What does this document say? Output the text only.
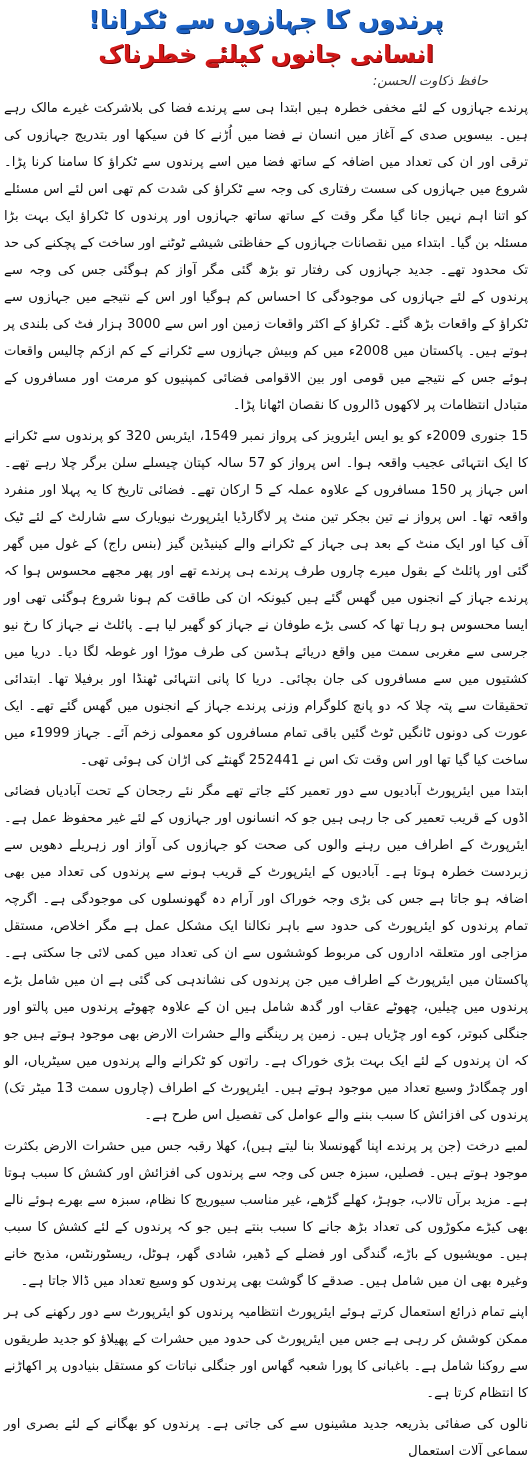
پرندوں کا جہازوں سے ٹکرانا!
انسانی جانوں کیلئے خطرناک
حافظ ذکاوت الحسن:

پرندے جہازوں کے لئے مخفی خطرہ ہیں ابتدا ہی سے پرندے فضا کی بلاشرکت غیرے مالک رہے ہیں۔ بیسویں صدی کے آغاز میں انسان نے فضا میں اُڑنے کا فن سیکھا اور بتدریج جہازوں کی ترقی اور ان کی تعداد میں اضافہ کے ساتھ فضا میں اسے پرندوں سے ٹکراؤ کا سامنا کرنا پڑا۔ شروع میں جہازوں کی سست رفتاری کی وجہ سے ٹکراؤ کی شدت کم تھی اس لئے اس مسئلے کو اتنا اہم نہیں جانا گیا مگر وقت کے ساتھ ساتھ جہازوں اور پرندوں کا ٹکراؤ ایک بہت بڑا مسئلہ بن گیا۔ ابتداء میں نقصانات جہازوں کے حفاظتی شیشے ٹوٹنے اور ساخت کے پچکنے کی حد تک محدود تھے۔ جدید جہازوں کی رفتار تو بڑھ گئی مگر آواز کم ہوگئی جس کی وجہ سے پرندوں کے لئے جہازوں کی موجودگی کا احساس کم ہوگیا اور اس کے نتیجے میں جہازوں سے ٹکراؤ کے واقعات بڑھ گئے۔ ٹکراؤ کے اکثر واقعات زمین اور اس سے 3000 ہزار فٹ کی بلندی پر ہوتے ہیں۔ پاکستان میں 2008ء میں کم وبیش جہازوں سے ٹکرانے کے کم ازکم چالیس واقعات ہوئے جس کے نتیجے میں قومی اور بین الاقوامی فضائی کمپنیوں کو مرمت اور مسافروں کے متبادل انتظامات پر لاکھوں ڈالروں کا نقصان اٹھانا پڑا۔

15 جنوری 2009ء کو یو ایس ایئرویز کی پرواز نمبر 1549، ایئربس 320 کو پرندوں سے ٹکرانے کا ایک انتہائی عجیب واقعہ ہوا۔ اس پرواز کو 57 سالہ کپتان چیسلے سلن برگر چلا رہے تھے۔ اس جہاز پر 150 مسافروں کے علاوہ عملہ کے 5 ارکان تھے۔ فضائی تاریخ کا یہ پہلا اور منفرد واقعہ تھا۔ اس پرواز نے تین بجکر تین منٹ پر لاگارڈیا ایئرپورٹ نیویارک سے شارلٹ کے لئے ٹیک آف کیا اور ایک منٹ کے بعد ہی جہاز کے ٹکرانے والے کینیڈین گیز (بنس راج) کے غول میں گھر گئی اور پائلٹ کے بقول میرے چاروں طرف پرندے ہی پرندے تھے اور پھر مجھے محسوس ہوا کہ پرندے جہاز کے انجنوں میں گھس گئے ہیں کیونکہ ان کی طاقت کم ہونا شروع ہوگئی تھی اور ایسا محسوس ہو رہا تھا کہ کسی بڑے طوفان نے جہاز کو گھیر لیا ہے۔ پائلٹ نے جہاز کا رخ نیو جرسی سے مغربی سمت میں واقع دریائے ہڈسن کی طرف موڑا اور غوطہ لگا دیا۔ دریا میں کشتیوں میں سے مسافروں کی جان بچائی۔ دریا کا پانی انتہائی ٹھنڈا اور برفیلا تھا۔ ابتدائی تحقیقات سے پتہ چلا کہ دو پانچ کلوگرام وزنی پرندے جہاز کے انجنوں میں گھس گئے تھے۔ ایک عورت کی دونوں ٹانگیں ٹوٹ گئیں باقی تمام مسافروں کو معمولی زخم آئے۔ جہاز 1999ء میں ساخت کیا گیا تھا اور اس وقت تک اس نے 252441 گھنٹے کی اڑان کی ہوئی تھی۔

ابتدا میں ایئرپورٹ آبادیوں سے دور تعمیر کئے جاتے تھے مگر نئے رجحان کے تحت آبادیاں فضائی اڈوں کے قریب تعمیر کی جا رہی ہیں جو کہ انسانوں اور جہازوں کے لئے غیر محفوظ عمل ہے۔ ایئرپورٹ کے اطراف میں رہنے والوں کی صحت کو جہازوں کی آواز اور زہریلے دھویں سے زبردست خطرہ ہوتا ہے۔ آبادیوں کے ایئرپورٹ کے قریب ہونے سے پرندوں کی تعداد میں بھی اضافہ ہو جاتا ہے جس کی بڑی وجہ خوراک اور آرام دہ گھونسلوں کی موجودگی ہے۔ اگرچہ تمام پرندوں کو ایئرپورٹ کی حدود سے باہر نکالنا ایک مشکل عمل ہے مگر اخلاص، مستقل مزاجی اور متعلقہ اداروں کی مربوط کوششوں سے ان کی تعداد میں کمی لائی جا سکتی ہے۔ پاکستان میں ایئرپورٹ کے اطراف میں جن پرندوں کی نشاندہی کی گئی ہے ان میں شامل بڑے پرندوں میں چیلیں، چھوٹے عقاب اور گدھ شامل ہیں ان کے علاوہ چھوٹے پرندوں میں پالتو اور جنگلی کبوتر، کوے اور چڑیاں ہیں۔ زمین پر رینگنے والے حشرات الارض بھی موجود ہوتے ہیں جو کہ ان پرندوں کے لئے ایک بہت بڑی خوراک ہے۔ راتوں کو ٹکرانے والے پرندوں میں سیٹریاں، الو اور چمگادڑ وسیع تعداد میں موجود ہوتے ہیں۔ ایئرپورٹ کے اطراف (چاروں سمت 13 میٹر تک) پرندوں کی افزائش کا سبب بننے والے عوامل کی تفصیل اس طرح ہے۔

لمبے درخت (جن پر پرندے اپنا گھونسلا بنا لیتے ہیں)، کھلا رقبہ جس میں حشرات الارض بکثرت موجود ہوتے ہیں۔ فصلیں، سبزہ جس کی وجہ سے پرندوں کی افزائش اور کشش کا سبب ہوتا ہے۔ مزید برآں تالاب، جوہڑ، کھلے گڑھے، غیر مناسب سیوریج کا نظام، سبزہ سے بھرے ہوئے نالے بھی کیڑے مکوڑوں کی تعداد بڑھ جانے کا سبب بنتے ہیں جو کہ پرندوں کے لئے کشش کا سبب ہیں۔ مویشیوں کے باڑے، گندگی اور فضلے کے ڈھیر، شادی گھر، ہوٹل، ریسٹورنٹس، مذبح خانے وغیرہ بھی ان میں شامل ہیں۔ صدقے کا گوشت بھی پرندوں کو وسیع تعداد میں ڈالا جاتا ہے۔

اپنے تمام ذرائع استعمال کرتے ہوئے ایئرپورٹ انتظامیہ پرندوں کو ایئرپورٹ سے دور رکھنے کی ہر ممکن کوشش کر رہی ہے جس میں ایئرپورٹ کی حدود میں حشرات کے پھیلاؤ کو جدید طریقوں سے روکنا شامل ہے۔ باغبانی کا پورا شعبہ گھاس اور جنگلی نباتات کو مستقل بنیادوں پر اکھاڑنے کا انتظام کرتا ہے۔

نالوں کی صفائی بذریعہ جدید مشینوں سے کی جاتی ہے۔ پرندوں کو بھگانے کے لئے بصری اور سماعی آلات استعمال
